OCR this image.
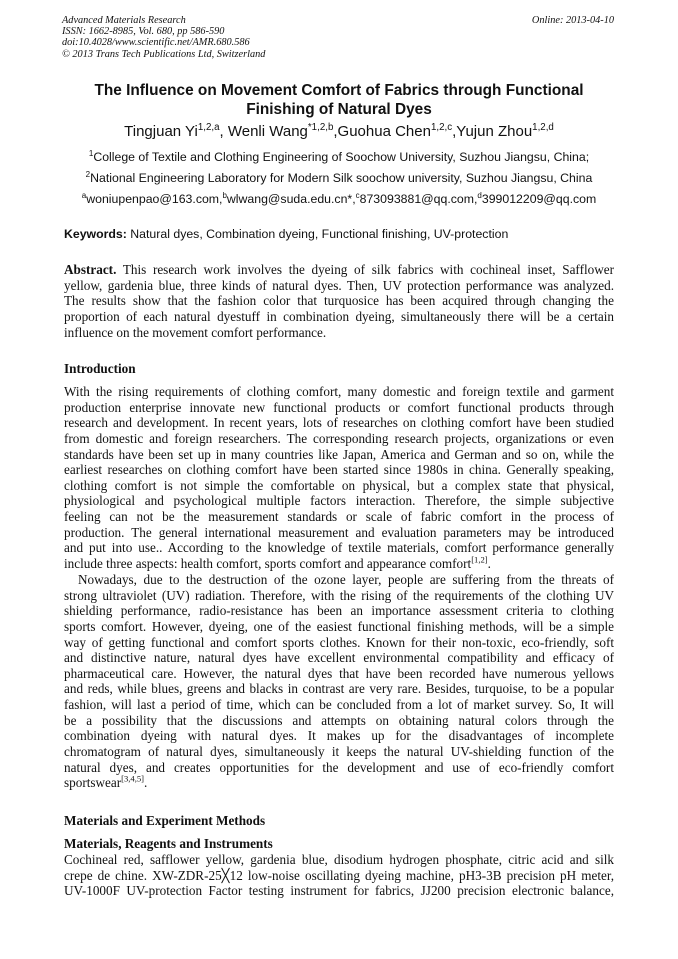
Advanced Materials Research
ISSN: 1662-8985, Vol. 680, pp 586-590
doi:10.4028/www.scientific.net/AMR.680.586
© 2013 Trans Tech Publications Ltd, Switzerland
Online: 2013-04-10
The Influence on Movement Comfort of Fabrics through Functional
Finishing of Natural Dyes
Tingjuan Yi$^{1,2,a}$, Wenli Wang$^{*1,2,b}$,Guohua Chen$^{1,2,c}$,Yujun Zhou$^{1,2,d}$
$^1$College of Textile and Clothing Engineering of Soochow University, Suzhou Jiangsu, China;
$^2$National Engineering Laboratory for Modern Silk soochow university, Suzhou Jiangsu, China
$^a$woniupenpao@163.com,$^b$wlwang@suda.edu.cn*,$^c$873093881@qq.com,$^d$399012209@qq.com
Keywords: Natural dyes, Combination dyeing, Functional finishing, UV-protection
Abstract. This research work involves the dyeing of silk fabrics with cochineal inset, Safflower
yellow, gardenia blue, three kinds of natural dyes. Then, UV protection performance was analyzed.
The results show that the fashion color that turquosice has been acquired through changing the
proportion of each natural dyestuff in combination dyeing, simultaneously there will be a certain
influence on the movement comfort performance.
Introduction
With the rising requirements of clothing comfort, many domestic and foreign textile and garment
production enterprise innovate new functional products or comfort functional products through
research and development. In recent years, lots of researches on clothing comfort have been studied
from domestic and foreign researchers. The corresponding research projects, organizations or even
standards have been set up in many countries like Japan, America and German and so on, while the
earliest researches on clothing comfort have been started since 1980s in china. Generally speaking,
clothing comfort is not simple the comfortable on physical, but a complex state that physical,
physiological and psychological multiple factors interaction. Therefore, the simple subjective
feeling can not be the measurement standards or scale of fabric comfort in the process of
production. The general international measurement and evaluation parameters may be introduced
and put into use.. According to the knowledge of textile materials, comfort performance generally
include three aspects: health comfort, sports comfort and appearance comfort[1,2].
Nowadays, due to the destruction of the ozone layer, people are suffering from the threats of
strong ultraviolet (UV) radiation. Therefore, with the rising of the requirements of the clothing UV
shielding performance, radio-resistance has been an importance assessment criteria to clothing
sports comfort. However, dyeing, one of the easiest functional finishing methods, will be a simple
way of getting functional and comfort sports clothes. Known for their non-toxic, eco-friendly, soft
and distinctive nature, natural dyes have excellent environmental compatibility and efficacy of
pharmaceutical care. However, the natural dyes that have been recorded have numerous yellows
and reds, while blues, greens and blacks in contrast are very rare. Besides, turquoise, to be a popular
fashion, will last a period of time, which can be concluded from a lot of market survey. So, It will
be a possibility that the discussions and attempts on obtaining natural colors through the
combination dyeing with natural dyes. It makes up for the disadvantages of incomplete
chromatogram of natural dyes, simultaneously it keeps the natural UV-shielding function of the
natural dyes, and creates opportunities for the development and use of eco-friendly comfort
sportswear[3,4,5].
Materials and Experiment Methods
Materials, Reagents and Instruments
Cochineal red, safflower yellow, gardenia blue, disodium hydrogen phosphate, citric acid and silk
crepe de chine. XW-ZDR-25╳12 low-noise oscillating dyeing machine, pH3-3B precision pH meter,
UV-1000F UV-protection Factor testing instrument for fabrics, JJ200 precision electronic balance,
